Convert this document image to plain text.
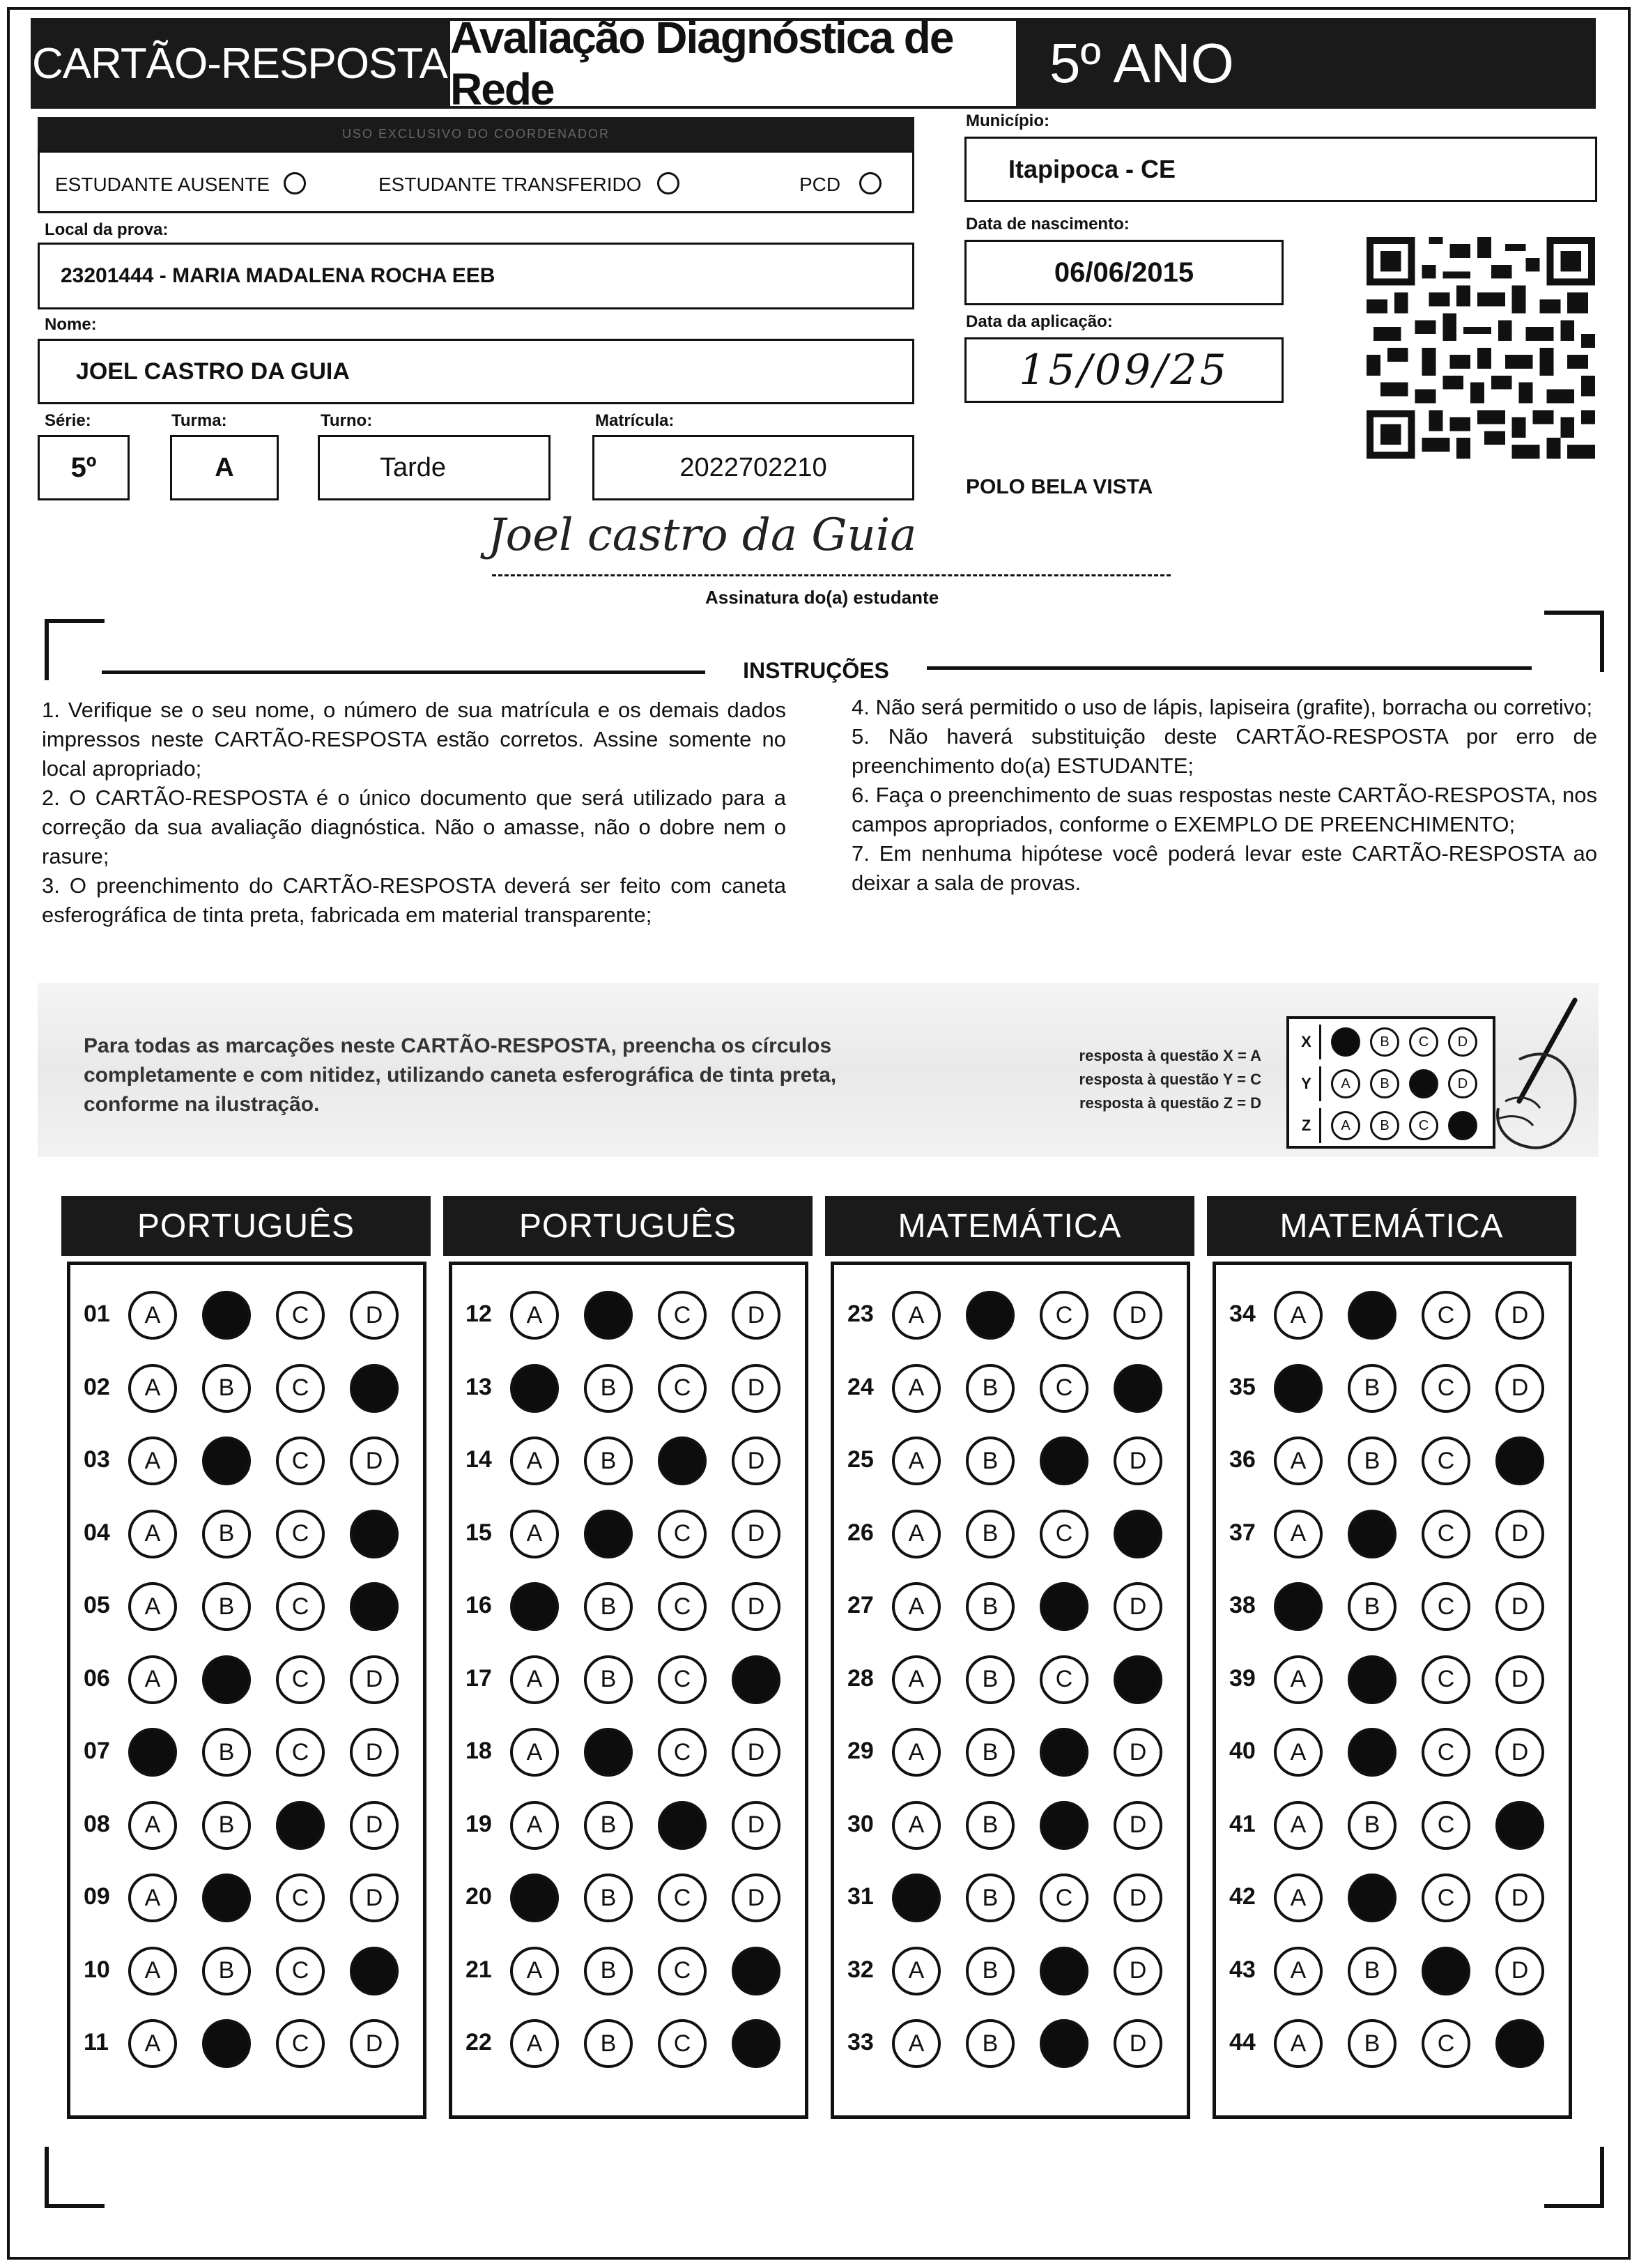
CARTÃO-RESPOSTA
Avaliação Diagnóstica de Rede	5º ANO
USO EXCLUSIVO DO COORDENADOR
ESTUDANTE AUSENTE	ESTUDANTE TRANSFERIDO	PCD
Município:
Itapipoca - CE
Local da prova:
23201444 - MARIA MADALENA ROCHA EEB
Data de nascimento:
06/06/2015
Data da aplicação:
15/09/25
Nome:
JOEL CASTRO DA GUIA
Série:
5º
Turma:
A
Turno:
Tarde
Matrícula:
2022702210
POLO BELA VISTA
Joel castro da Guia
Assinatura do(a) estudante
INSTRUÇÕES
1. Verifique se o seu nome, o número de sua matrícula e os demais dados impressos neste CARTÃO-RESPOSTA estão corretos. Assine somente no local apropriado;
2. O CARTÃO-RESPOSTA é o único documento que será utilizado para a correção da sua avaliação diagnóstica. Não o amasse, não o dobre nem o rasure;
3. O preenchimento do CARTÃO-RESPOSTA deverá ser feito com caneta esferográfica de tinta preta, fabricada em material transparente;
4. Não será permitido o uso de lápis, lapiseira (grafite), borracha ou corretivo;
5. Não haverá substituição deste CARTÃO-RESPOSTA por erro de preenchimento do(a) ESTUDANTE;
6. Faça o preenchimento de suas respostas neste CARTÃO-RESPOSTA, nos campos apropriados, conforme o EXEMPLO DE PREENCHIMENTO;
7. Em nenhuma hipótese você poderá levar este CARTÃO-RESPOSTA ao deixar a sala de provas.
Para todas as marcações neste CARTÃO-RESPOSTA, preencha os círculos completamente e com nitidez, utilizando caneta esferográfica de tinta preta, conforme na ilustração.
resposta à questão X = A
resposta à questão Y = C
resposta à questão Z = D
X	A	B	C	D
Y	A	B	C	D
Z	A	B	C	D
PORTUGUÊS	PORTUGUÊS	MATEMÁTICA	MATEMÁTICA
01	A	B	C	D
02	A	B	C	D
03	A	B	C	D
04	A	B	C	D
05	A	B	C	D
06	A	B	C	D
07	A	B	C	D
08	A	B	C	D
09	A	B	C	D
10	A	B	C	D
11	A	B	C	D
12	A	B	C	D
13	A	B	C	D
14	A	B	C	D
15	A	B	C	D
16	A	B	C	D
17	A	B	C	D
18	A	B	C	D
19	A	B	C	D
20	A	B	C	D
21	A	B	C	D
22	A	B	C	D
23	A	B	C	D
24	A	B	C	D
25	A	B	C	D
26	A	B	C	D
27	A	B	C	D
28	A	B	C	D
29	A	B	C	D
30	A	B	C	D
31	A	B	C	D
32	A	B	C	D
33	A	B	C	D
34	A	B	C	D
35	A	B	C	D
36	A	B	C	D
37	A	B	C	D
38	A	B	C	D
39	A	B	C	D
40	A	B	C	D
41	A	B	C	D
42	A	B	C	D
43	A	B	C	D
44	A	B	C	D
